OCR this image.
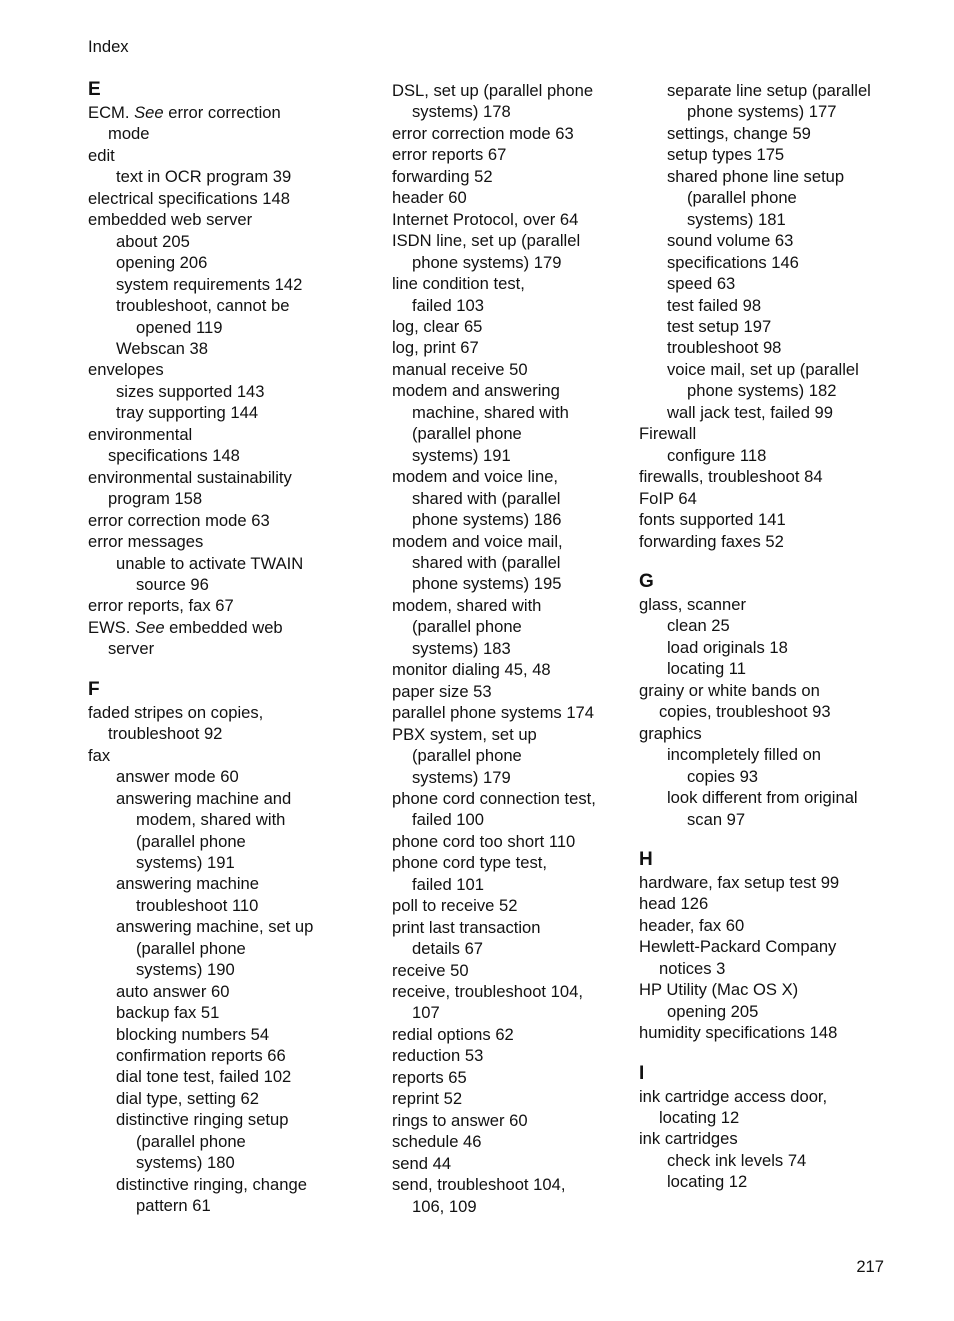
Index
E
ECM. See error correction
mode
edit
text in OCR program 39
electrical specifications 148
embedded web server
about 205
opening 206
system requirements 142
troubleshoot, cannot be
opened 119
Webscan 38
envelopes
sizes supported 143
tray supporting 144
environmental
specifications 148
environmental sustainability
program 158
error correction mode 63
error messages
unable to activate TWAIN
source 96
error reports, fax 67
EWS. See embedded web
server
F
faded stripes on copies,
troubleshoot 92
fax
answer mode 60
answering machine and
modem, shared with
(parallel phone
systems) 191
answering machine
troubleshoot 110
answering machine, set up
(parallel phone
systems) 190
auto answer 60
backup fax 51
blocking numbers 54
confirmation reports 66
dial tone test, failed 102
dial type, setting 62
distinctive ringing setup
(parallel phone
systems) 180
distinctive ringing, change
pattern 61
DSL, set up (parallel phone
systems) 178
error correction mode 63
error reports 67
forwarding 52
header 60
Internet Protocol, over 64
ISDN line, set up (parallel
phone systems) 179
line condition test,
failed 103
log, clear 65
log, print 67
manual receive 50
modem and answering
machine, shared with
(parallel phone
systems) 191
modem and voice line,
shared with (parallel
phone systems) 186
modem and voice mail,
shared with (parallel
phone systems) 195
modem, shared with
(parallel phone
systems) 183
monitor dialing 45, 48
paper size 53
parallel phone systems 174
PBX system, set up
(parallel phone
systems) 179
phone cord connection test,
failed 100
phone cord too short 110
phone cord type test,
failed 101
poll to receive 52
print last transaction
details 67
receive 50
receive, troubleshoot 104,
107
redial options 62
reduction 53
reports 65
reprint 52
rings to answer 60
schedule 46
send 44
send, troubleshoot 104,
106, 109
separate line setup (parallel
phone systems) 177
settings, change 59
setup types 175
shared phone line setup
(parallel phone
systems) 181
sound volume 63
specifications 146
speed 63
test failed 98
test setup 197
troubleshoot 98
voice mail, set up (parallel
phone systems) 182
wall jack test, failed 99
Firewall
configure 118
firewalls, troubleshoot 84
FoIP 64
fonts supported 141
forwarding faxes 52
G
glass, scanner
clean 25
load originals 18
locating 11
grainy or white bands on
copies, troubleshoot 93
graphics
incompletely filled on
copies 93
look different from original
scan 97
H
hardware, fax setup test 99
head 126
header, fax 60
Hewlett-Packard Company
notices 3
HP Utility (Mac OS X)
opening 205
humidity specifications 148
I
ink cartridge access door,
locating 12
ink cartridges
check ink levels 74
locating 12
217
